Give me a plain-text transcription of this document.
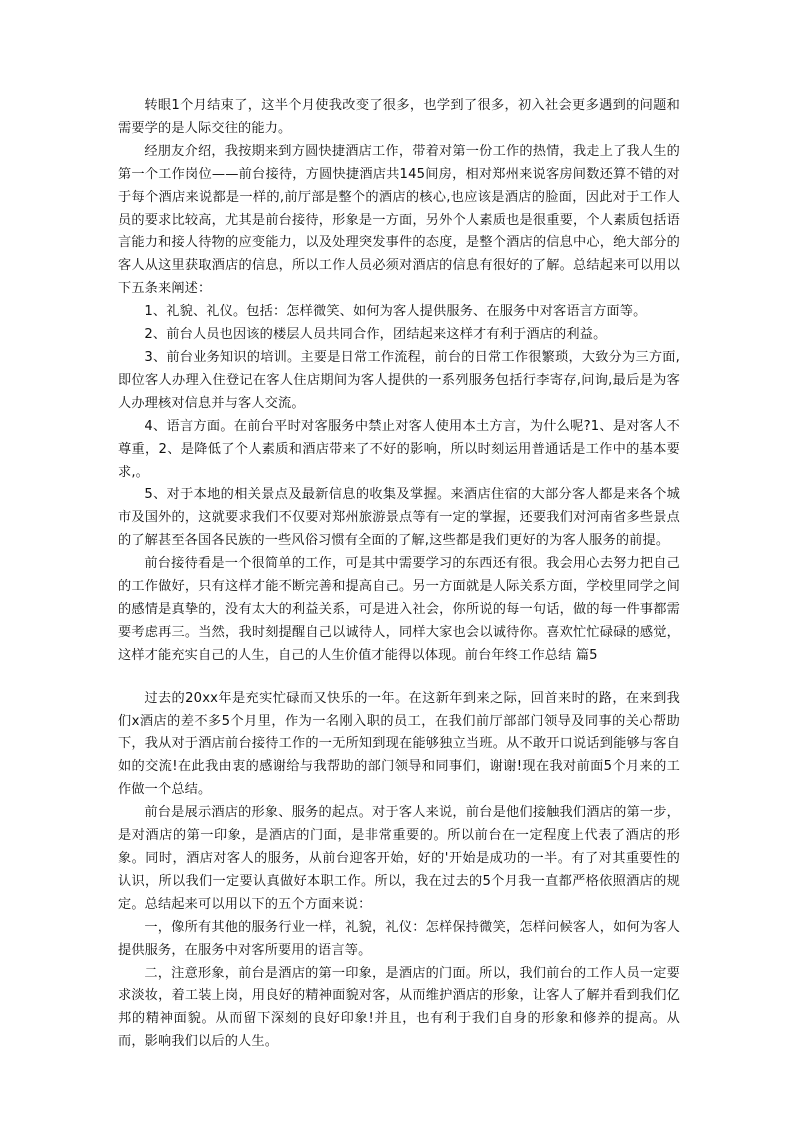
转眼1个月结束了，这半个月使我改变了很多，也学到了很多，初入社会更多遇到的问题和需要学的是人际交往的能力。

经朋友介绍，我按期来到方圆快捷酒店工作，带着对第一份工作的热情，我走上了我人生的第一个工作岗位——前台接待，方圆快捷酒店共145间房，相对郑州来说客房间数还算不错的对于每个酒店来说都是一样的,前厅部是整个的酒店的核心,也应该是酒店的脸面，因此对于工作人员的要求比较高，尤其是前台接待，形象是一方面，另外个人素质也是很重要，个人素质包括语言能力和接人待物的应变能力，以及处理突发事件的态度，是整个酒店的信息中心，绝大部分的客人从这里获取酒店的信息，所以工作人员必须对酒店的信息有很好的了解。总结起来可以用以下五条来阐述：

1、礼貌、礼仪。包括：怎样微笑、如何为客人提供服务、在服务中对客语言方面等。

2、前台人员也因该的楼层人员共同合作，团结起来这样才有利于酒店的利益。

3、前台业务知识的培训。主要是日常工作流程，前台的日常工作很繁琐，大致分为三方面,即位客人办理入住登记在客人住店期间为客人提供的一系列服务包括行李寄存,问询,最后是为客人办理核对信息并与客人交流。

4、语言方面。在前台平时对客服务中禁止对客人使用本土方言，为什么呢?1、是对客人不尊重，2、是降低了个人素质和酒店带来了不好的影响，所以时刻运用普通话是工作中的基本要求,。

5、对于本地的相关景点及最新信息的收集及掌握。来酒店住宿的大部分客人都是来各个城市及国外的，这就要求我们不仅要对郑州旅游景点等有一定的掌握，还要我们对河南省多些景点的了解甚至各国各民族的一些风俗习惯有全面的了解,这些都是我们更好的为客人服务的前提。

前台接待看是一个很简单的工作，可是其中需要学习的东西还有很。我会用心去努力把自己的工作做好，只有这样才能不断完善和提高自己。另一方面就是人际关系方面，学校里同学之间的感情是真挚的，没有太大的利益关系，可是进入社会，你所说的每一句话，做的每一件事都需要考虑再三。当然，我时刻提醒自己以诚待人，同样大家也会以诚待你。喜欢忙忙碌碌的感觉，这样才能充实自己的人生，自己的人生价值才能得以体现。前台年终工作总结 篇5

过去的20xx年是充实忙碌而又快乐的一年。在这新年到来之际，回首来时的路，在来到我们x酒店的差不多5个月里，作为一名刚入职的员工，在我们前厅部部门领导及同事的关心帮助下，我从对于酒店前台接待工作的一无所知到现在能够独立当班。从不敢开口说话到能够与客自如的交流!在此我由衷的感谢给与我帮助的部门领导和同事们，谢谢!现在我对前面5个月来的工作做一个总结。

前台是展示酒店的形象、服务的起点。对于客人来说，前台是他们接触我们酒店的第一步，是对酒店的第一印象，是酒店的门面，是非常重要的。所以前台在一定程度上代表了酒店的形象。同时，酒店对客人的服务，从前台迎客开始，好的'开始是成功的一半。有了对其重要性的认识，所以我们一定要认真做好本职工作。所以，我在过去的5个月我一直都严格依照酒店的规定。总结起来可以用以下的五个方面来说：

一，像所有其他的服务行业一样，礼貌，礼仪：怎样保持微笑，怎样问候客人，如何为客人提供服务，在服务中对客所要用的语言等。

二，注意形象，前台是酒店的第一印象，是酒店的门面。所以，我们前台的工作人员一定要求淡妆，着工装上岗，用良好的精神面貌对客，从而维护酒店的形象，让客人了解并看到我们亿邦的精神面貌。从而留下深刻的良好印象!并且，也有利于我们自身的形象和修养的提高。从而，影响我们以后的人生。
